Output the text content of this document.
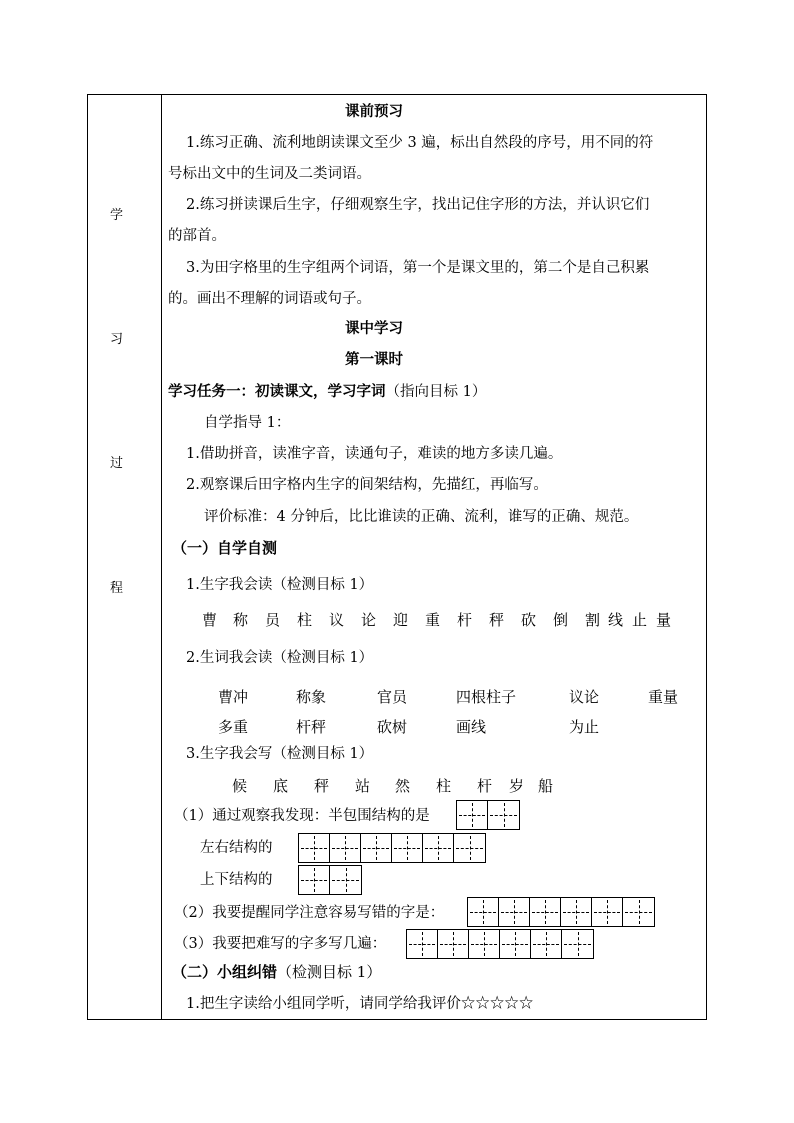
学
习
过
程
课前预习
1.练习正确、流利地朗读课文至少 3 遍，标出自然段的序号，用不同的符
号标出文中的生词及二类词语。
2.练习拼读课后生字，仔细观察生字，找出记住字形的方法，并认识它们
的部首。
3.为田字格里的生字组两个词语，第一个是课文里的，第二个是自己积累
的。画出不理解的词语或句子。
课中学习
第一课时
学习任务一：初读课文，学习字词（指向目标 1）
自学指导 1：
1.借助拼音，读准字音，读通句子，难读的地方多读几遍。
2.观察课后田字格内生字的间架结构，先描红，再临写。
评价标准：4 分钟后，比比谁读的正确、流利，谁写的正确、规范。
（一）自学自测
1.生字我会读（检测目标 1）
曹 称 员 柱 议 论 迎 重 杆 秤 砍 倒 割 线 止 量
2.生词我会读（检测目标 1）
曹冲	称象	官员	四根柱子	议论	重量
多重	杆秤	砍树	画线	为止
3.生字我会写（检测目标 1）
候 底 秤 站 然 柱 杆 岁 船
（1）通过观察我发现：半包围结构的是
左右结构的
上下结构的
（2）我要提醒同学注意容易写错的字是：
（3）我要把难写的字多写几遍：
（二）小组纠错（检测目标 1）
1.把生字读给小组同学听，请同学给我评价☆☆☆☆☆
